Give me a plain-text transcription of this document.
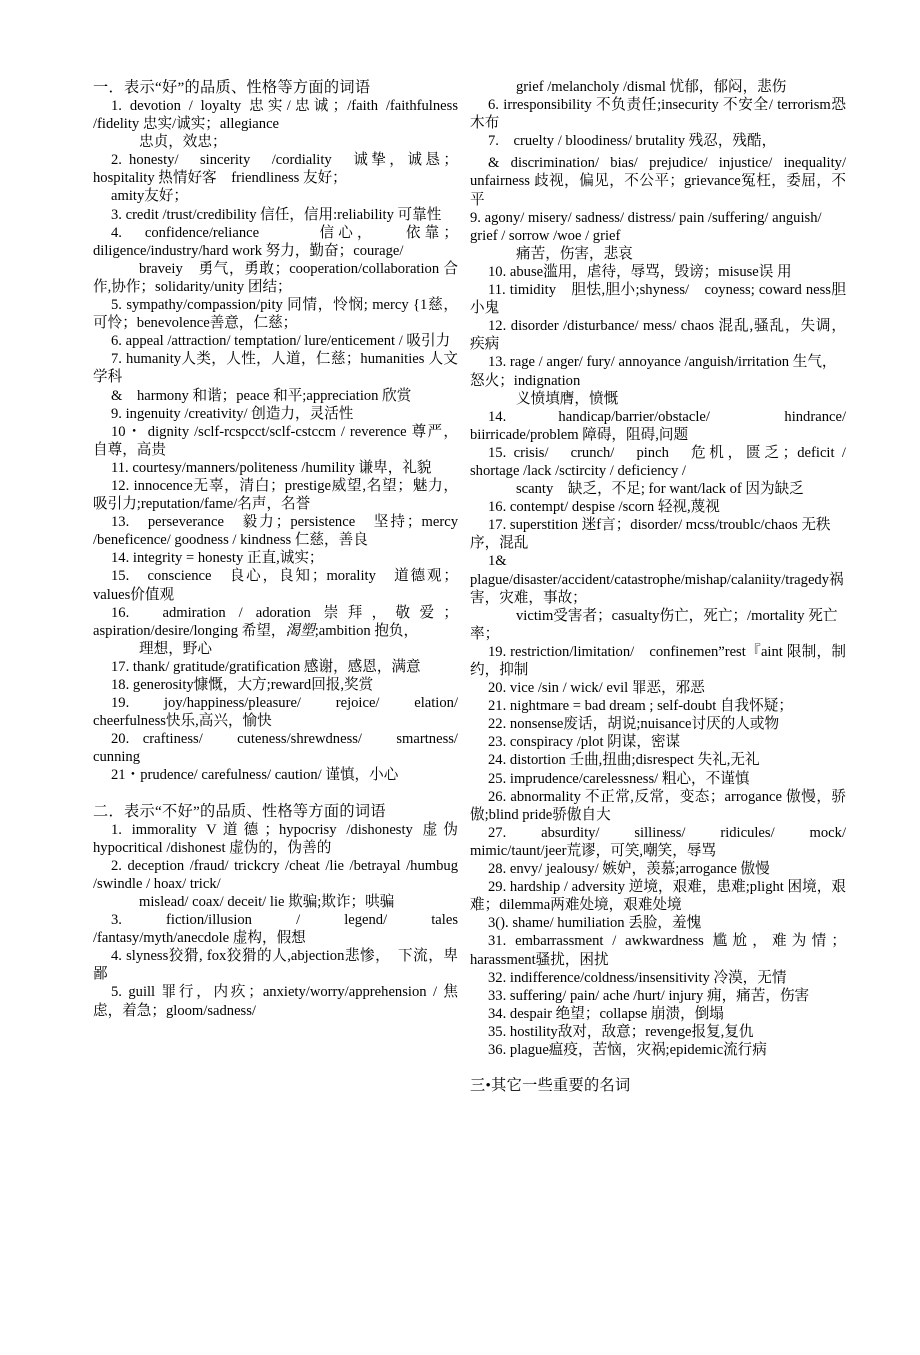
一．表示“好”的品质、性格等方面的词语

1. devotion / loyalty 忠实/忠诚；/faith /faithfulness /fidelity 忠实/诚实；allegiance

忠贞，效忠；

2. honesty/　sincerity　/cordiality　诚挚，诚恳；hospitality 热情好客　friendliness 友好；

amity友好；

3. credit /trust/credibility 信任，信用:reliability 可靠性

4.　confidence/reliance　　　信心，　　依靠；diligence/industry/hard work 努力，勤奋；courage/

braveiy　勇气，勇敢；cooperation/collaboration 合作,协作；solidarity/unity 团结；

5. sympathy/compassion/pity 同情，怜悯; mercy {1慈，可怜；benevolence善意，仁慈；

6. appeal /attraction/ temptation/ lure/enticement / 吸引力

7. humanity人类，人性，人道，仁慈；humanities 人文学科

&　harmony 和谐；peace 和平;appreciation 欣赏

9. ingenuity /creativity/ 创造力，灵活性

10・ dignity /sclf-rcspcct/sclf-cstccm / reverence 尊严，自尊，高贵

11. courtesy/manners/politeness /humility 谦卑，礼貌

12. innocence无辜，清白；prestige威望,名望；魅力，吸引力;reputation/fame/名声，名誉

13.　perseverance　毅力；persistence　坚持；mercy /beneficence/ goodness / kindness 仁慈，善良

14. integrity = honesty 正直,诚实；

15.　conscience　良心，良知；morality　道德观；values价值观

16.　admiration / adoration 崇拜，敬爱；aspiration/desire/longing 希望，渴塑;ambition 抱负，

理想，野心

17. thank/ gratitude/gratification 感谢，感恩，满意

18. generosity慷慨，大方;reward回报,奖赏

19.　joy/happiness/pleasure/　rejoice/　elation/ cheerfulness快乐,高兴，愉快

20. craftiness/　cuteness/shrewdness/　smartness/ cunning

21・prudence/ carefulness/ caution/ 谨慎，小心

二．表示“不好”的品质、性格等方面的词语

1. immorality V道德；hypocrisy /dishonesty 虚伪 hypocritical /dishonest 虚伪的，伪善的

2. deception /fraud/ trickcry /cheat /lie /betrayal /humbug /swindle / hoax/ trick/

mislead/ coax/ deceit/ lie 欺骗;欺诈；哄骗

3.　　fiction/illusion　　/　　legend/　　tales /fantasy/myth/anecdole 虚构，假想

4. slyness狡猾, fox狡猾的人,abjection悲惨，　下流，卑鄙

5. guill 罪行，内疚；anxiety/worry/apprehension / 焦虑，着急；gloom/sadness/

grief /melancholy /dismal 忧郁，郁闷，悲伤

6. irresponsibility 不负责任;insecurity 不安全/ terrorism恐木布

7.　cruelty / bloodiness/ brutality 残忍，残酷，

& discrimination/ bias/ prejudice/ injustice/ inequality/ unfairness 歧视，偏见，不公平；grievance冤枉，委屈，不平

9. agony/ misery/ sadness/ distress/ pain /suffering/ anguish/ grief / sorrow /woe / grief

痛苦，伤害，悲哀

10. abuse滥用，虐待，辱骂，毁谤；misuse误 用

11. timidity　胆怯,胆小;shyness/　coyness; coward ness胆小鬼

12. disorder /disturbance/ mess/ chaos 混乱,骚乱，失调，疾病

13. rage / anger/ fury/ annoyance /anguish/irritation 生气，怒火；indignation

义愤填膺，愤慨

14.　　handicap/barrier/obstacle/　　　hindrance/ biirricade/problem 障碍，阻碍,问题

15. crisis/　crunch/　pinch　危机，匮乏；deficit / shortage /lack /sctircity / deficiency /

scanty　缺乏，不足; for want/lack of 因为缺乏

16. contempt/ despise /scorn 轻视,蔑视

17. superstition 迷f言；disorder/ mcss/troublc/chaos 无秩序，混乱

1&

plague/disaster/accident/catastrophe/mishap/calaniity/tragedy祸害，灾难，事故；

victim受害者；casualty伤亡，死亡；/mortality 死亡率；

19. restriction/limitation/　confinemen”rest『aint 限制，制约，抑制

20. vice /sin / wick/ evil 罪恶，邪恶

21. nightmare = bad dream ; self-doubt 自我怀疑；

22. nonsense废话，胡说;nuisance讨厌的人或物

23. conspiracy /plot 阴谋，密谋

24. distortion 壬曲,扭曲;disrespect 失礼,无礼

25. imprudence/carelessness/ 粗心，不谨慎

26. abnormality 不正常,反常，变态；arrogance 傲慢，骄傲;blind pride骄傲自大

27.　absurdity/　silliness/　ridicules/　mock/ mimic/taunt/jeer荒谬，可笑,嘲笑，辱骂

28. envy/ jealousy/ 嫉妒，羡慕;arrogance 傲慢

29. hardship / adversity 逆境，艰难，患难;plight 困境，艰难；dilemma两难处境，艰难处境

3(). shame/ humiliation 丢脸，羞愧

31. embarrassment / awkwardness 尴尬，难为情；harassment骚扰，困扰

32. indifference/coldness/insensitivity 冷漠，无情

33. suffering/ pain/ ache /hurt/ injury 痈，痛苦，伤害

34. despair 绝望；collapse 崩溃，倒塌

35. hostility敌对，敌意；revenge报复,复仇

36. plague瘟疫，苦恼，灾祸;epidemic流行病

三•其它一些重要的名词
